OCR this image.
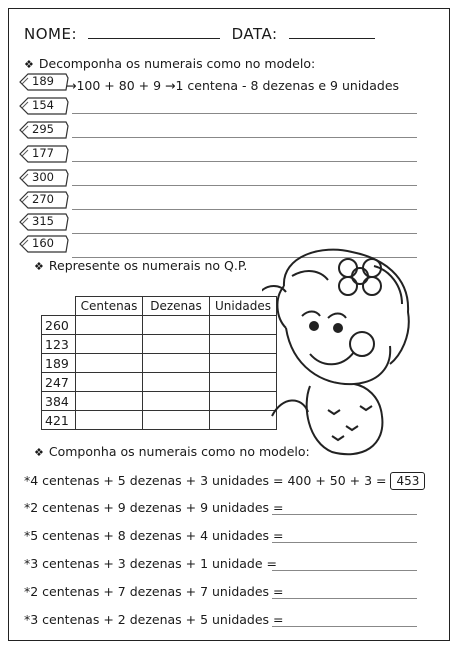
NOME:	DATA:
❖ Decomponha os numerais como no modelo:
189
154
295
177
300
270
315
160
→100 + 80 + 9 →1 centena - 8 dezenas e 9 unidades
❖ Represente os numerais no Q.P.
	Centenas	Dezenas	Unidades
260			
123			
189			
247			
384			
421			
❖ Componha os numerais como no modelo:
*4 centenas + 5 dezenas + 3 unidades = 400 + 50 + 3 = 453
*2 centenas + 9 dezenas + 9 unidades =
*5 centenas + 8 dezenas + 4 unidades =
*3 centenas + 3 dezenas + 1 unidade =
*2 centenas + 7 dezenas + 7 unidades =
*3 centenas + 2 dezenas + 5 unidades =
